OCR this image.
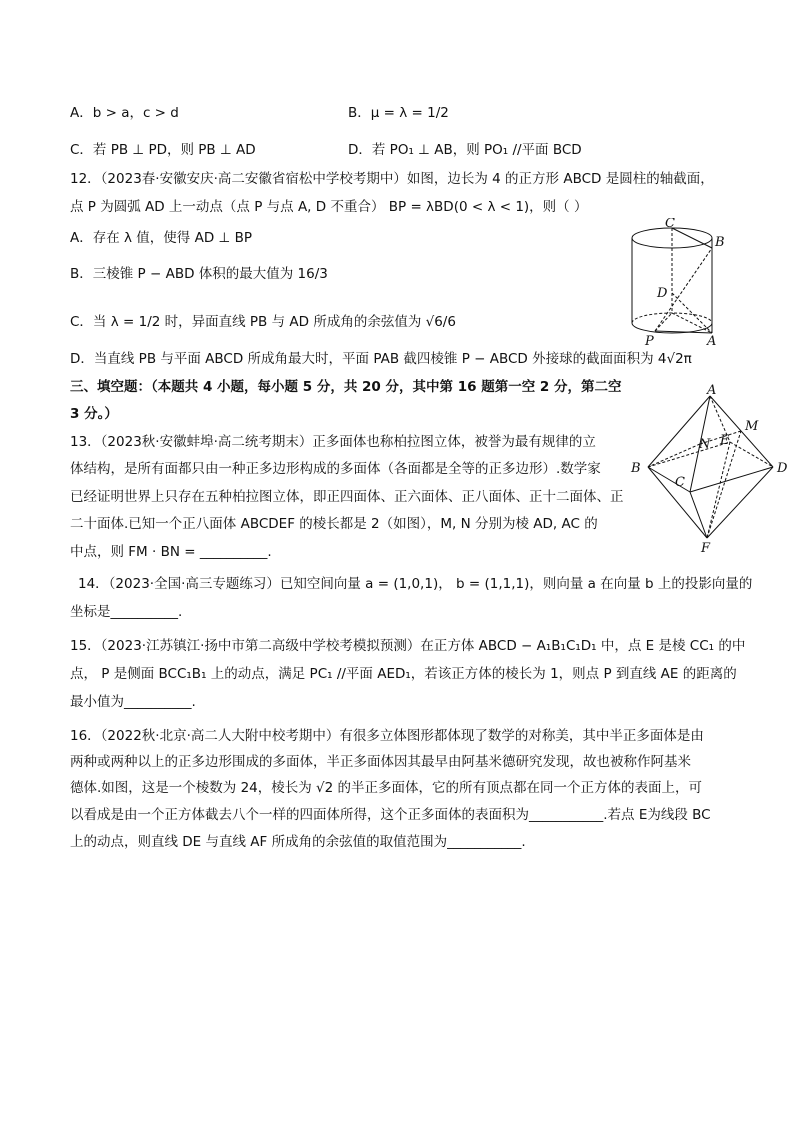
A．b > a，c > d	B．μ = λ = 1/2
C．若 PB ⊥ PD，则 PB ⊥ AD	D．若 PO₁ ⊥ AB，则 PO₁ //平面 BCD
12．（2023春·安徽安庆·高二安徽省宿松中学校考期中）如图，边长为 4 的正方形 ABCD 是圆柱的轴截面，
点 P 为圆弧 AD 上一动点（点 P 与点 A, D 不重合） BP = λBD(0 < λ < 1)，则（ ）
A．存在 λ 值，使得 AD ⊥ BP
B．三棱锥 P − ABD 体积的最大值为 16/3
C．当 λ = 1/2 时，异面直线 PB 与 AD 所成角的余弦值为 √6/6
D．当直线 PB 与平面 ABCD 所成角最大时，平面 PAB 截四棱锥 P − ABCD 外接球的截面面积为 4√2π
C
B
D
P	A
三、填空题：（本题共 4 小题，每小题 5 分，共 20 分，其中第 16 题第一空 2 分，第二空
3 分。）
13．（2023秋·安徽蚌埠·高二统考期末）正多面体也称柏拉图立体，被誉为最有规律的立
体结构，是所有面都只由一种正多边形构成的多面体（各面都是全等的正多边形）.数学家
已经证明世界上只存在五种柏拉图立体，即正四面体、正六面体、正八面体、正十二面体、正
二十面体.已知一个正八面体 ABCDEF 的棱长都是 2（如图），M, N 分别为棱 AD, AC 的
中点，则 FM · BN = __________.
A
M
E
N
B	D
C
F
14．（2023·全国·高三专题练习）已知空间向量 a = (1,0,1)， b = (1,1,1)，则向量 a 在向量 b 上的投影向量的
坐标是__________.
15．（2023·江苏镇江·扬中市第二高级中学校考模拟预测）在正方体 ABCD − A₁B₁C₁D₁ 中，点 E 是棱 CC₁ 的中
点， P 是侧面 BCC₁B₁ 上的动点，满足 PC₁ //平面 AED₁，若该正方体的棱长为 1，则点 P 到直线 AE 的距离的
最小值为__________.
16．（2022秋·北京·高二人大附中校考期中）有很多立体图形都体现了数学的对称美，其中半正多面体是由
两种或两种以上的正多边形围成的多面体，半正多面体因其最早由阿基米德研究发现，故也被称作阿基米
德体.如图，这是一个棱数为 24，棱长为 √2 的半正多面体，它的所有顶点都在同一个正方体的表面上，可
以看成是由一个正方体截去八个一样的四面体所得，这个正多面体的表面积为___________.若点 E为线段 BC
上的动点，则直线 DE 与直线 AF 所成角的余弦值的取值范围为___________.
